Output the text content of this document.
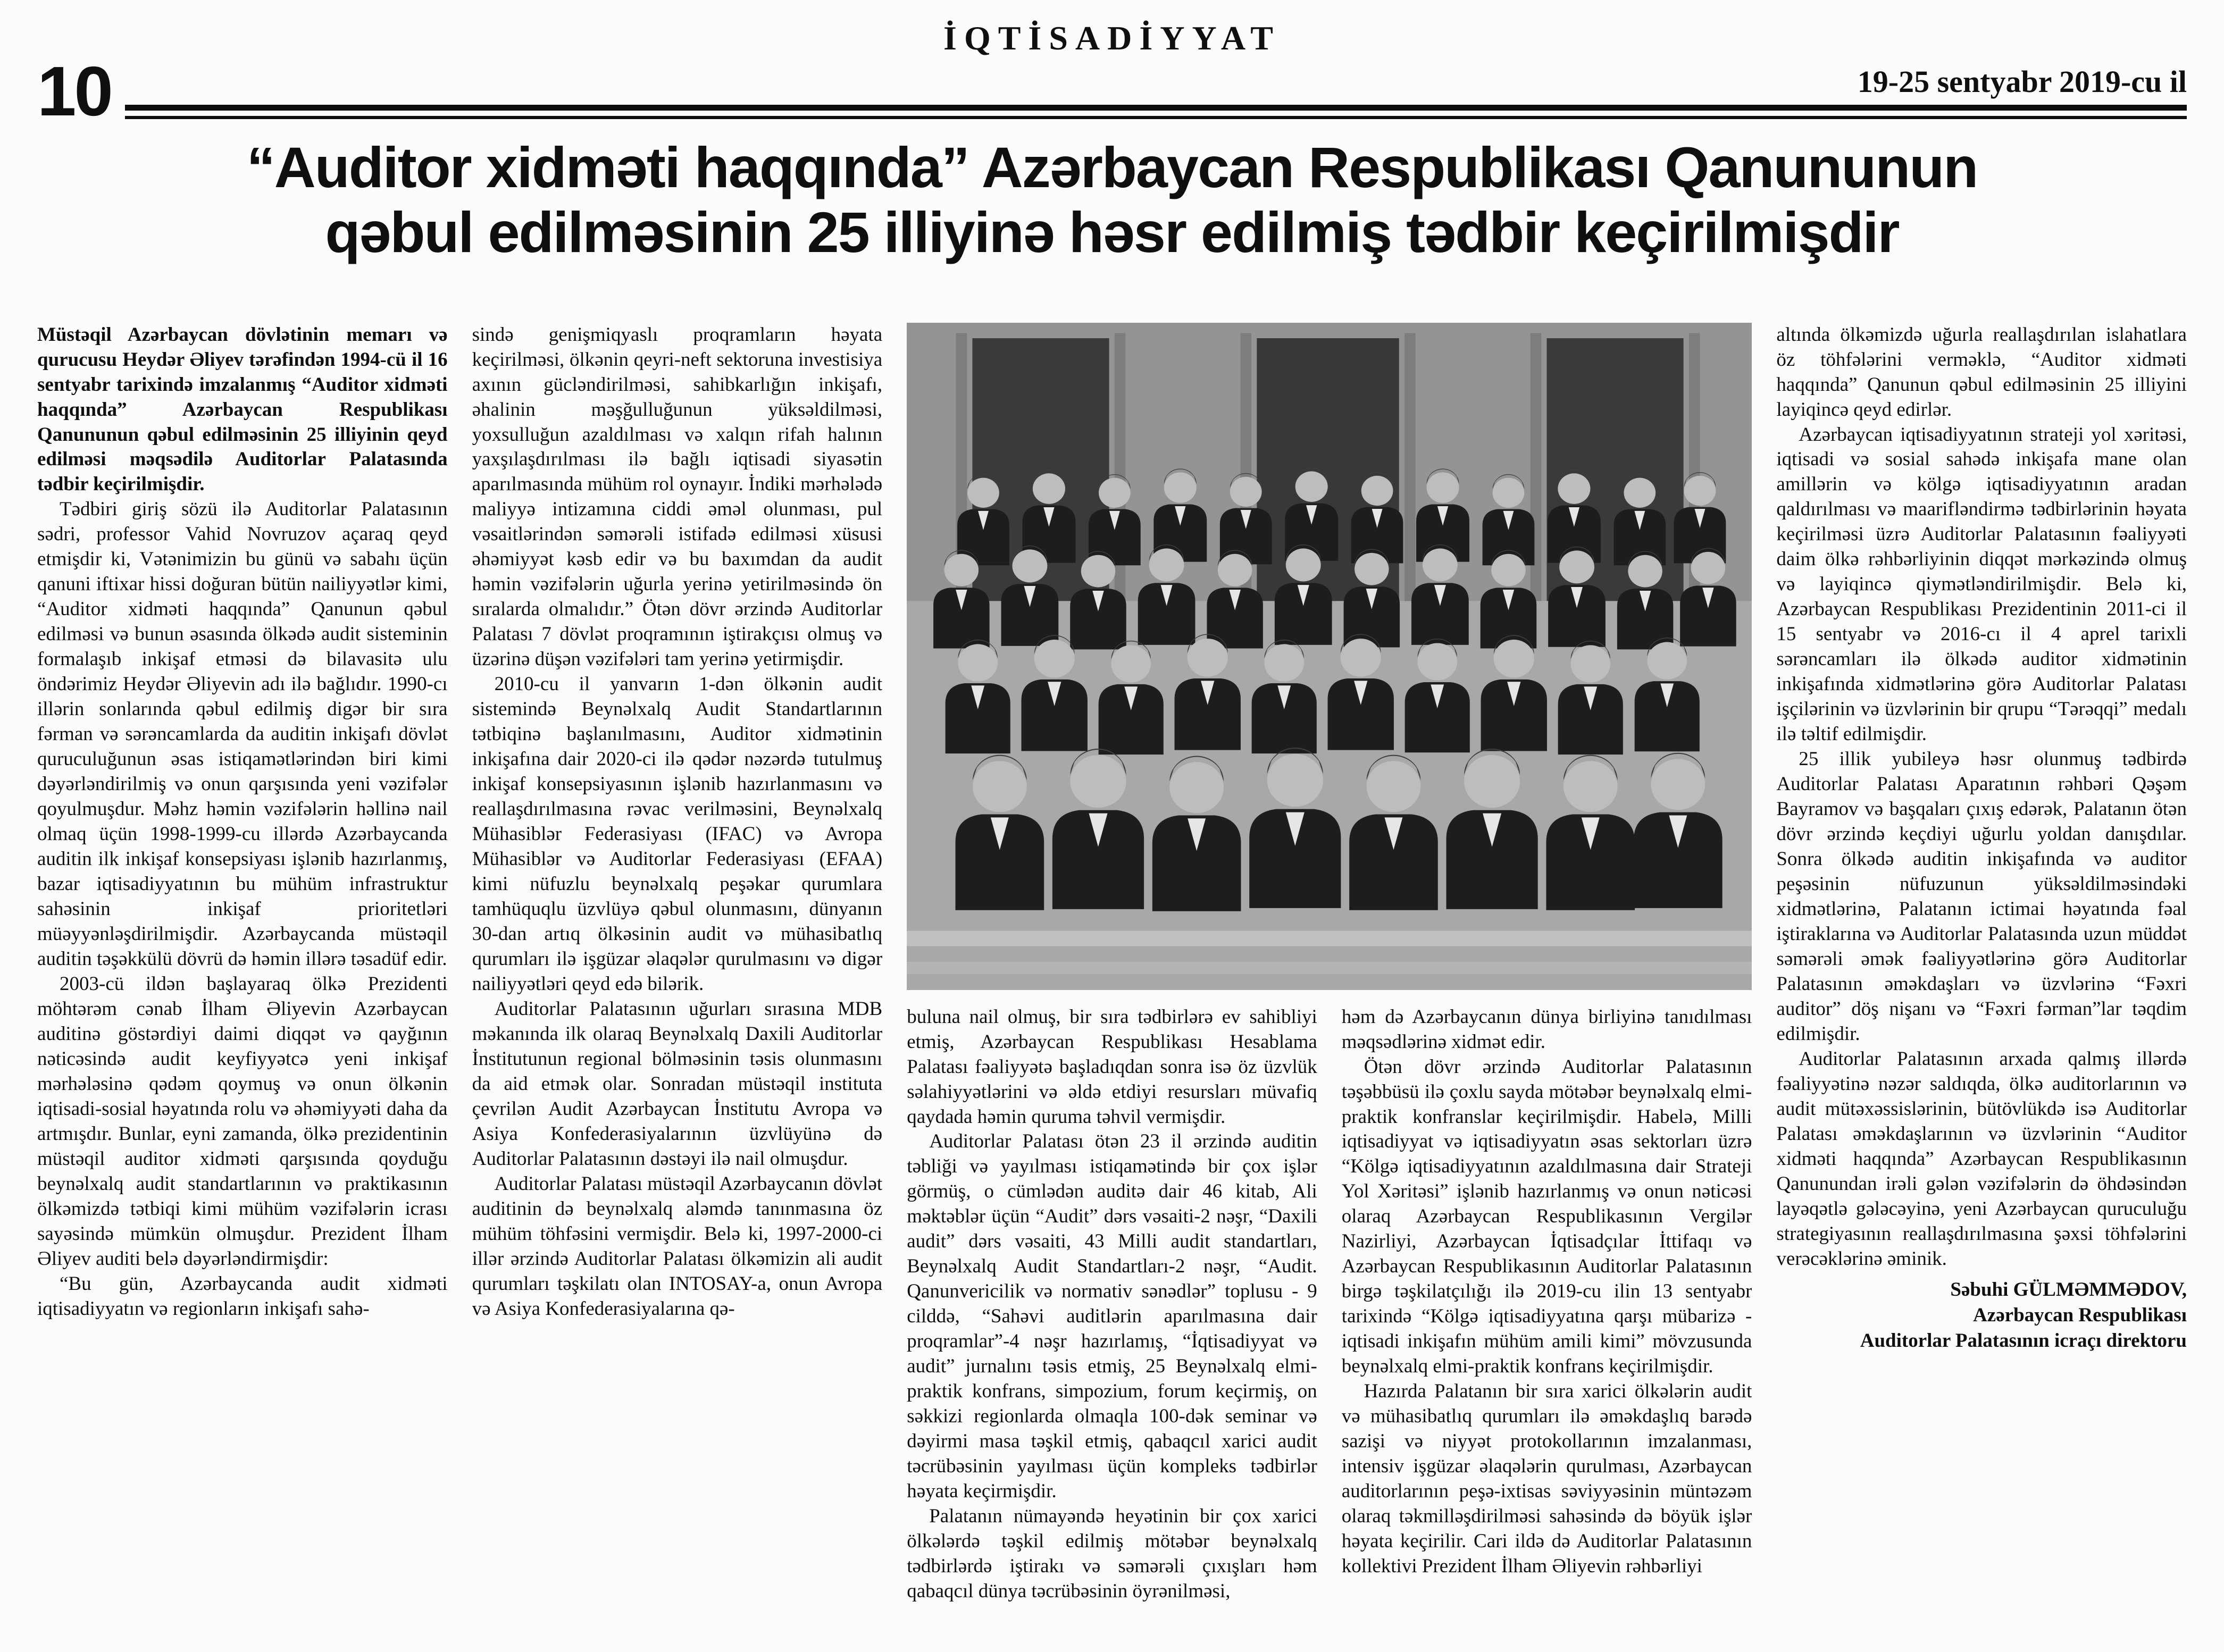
İQTİSADİYYAT
10	19-25 sentyabr 2019-cu il
“Auditor xidməti haqqında” Azərbaycan Respublikası Qanununun
qəbul edilməsinin 25 illiyinə həsr edilmiş tədbir keçirilmişdir

Müstəqil Azərbaycan dövlətinin memarı və qurucusu Heydər Əliyev tərəfindən 1994-cü il 16 sentyabr tarixində imzalanmış “Auditor xidməti haqqında” Azərbaycan Respublikası Qanununun qəbul edilməsinin 25 illiyinin qeyd edilməsi məqsədilə Auditorlar Palatasında tədbir keçirilmişdir.

Tədbiri giriş sözü ilə Auditorlar Palatasının sədri, professor Vahid Novruzov açaraq qeyd etmişdir ki, Vətənimizin bu günü və sabahı üçün qanuni iftixar hissi doğuran bütün nailiyyətlər kimi, “Auditor xidməti haqqında” Qanunun qəbul edilməsi və bunun əsasında ölkədə audit sisteminin formalaşıb inkişaf etməsi də bilavasitə ulu öndərimiz Heydər Əliyevin adı ilə bağlıdır. 1990-cı illərin sonlarında qəbul edilmiş digər bir sıra fərman və sərəncamlarda da auditin inkişafı dövlət quruculuğunun əsas istiqamətlərindən biri kimi dəyərləndirilmiş və onun qarşısında yeni vəzifələr qoyulmuşdur. Məhz həmin vəzifələrin həllinə nail olmaq üçün 1998-1999-cu illərdə Azərbaycanda auditin ilk inkişaf konsepsiyası işlənib hazırlanmış, bazar iqtisadiyyatının bu mühüm infrastruktur sahəsinin inkişaf prioritetləri müəyyənləşdirilmişdir. Azərbaycanda müstəqil auditin təşəkkülü dövrü də həmin illərə təsadüf edir.

2003-cü ildən başlayaraq ölkə Prezidenti möhtərəm cənab İlham Əliyevin Azərbaycan auditinə göstərdiyi daimi diqqət və qayğının nəticəsində audit keyfiyyətcə yeni inkişaf mərhələsinə qədəm qoymuş və onun ölkənin iqtisadi-sosial həyatında rolu və əhəmiyyəti daha da artmışdır. Bunlar, eyni zamanda, ölkə prezidentinin müstəqil auditor xidməti qarşısında qoyduğu beynəlxalq audit standartlarının və praktikasının ölkəmizdə tətbiqi kimi mühüm vəzifələrin icrası sayəsində mümkün olmuşdur. Prezident İlham Əliyev auditi belə dəyərləndirmişdir:

“Bu gün, Azərbaycanda audit xidməti iqtisadiyyatın və regionların inkişafı sahə-

sində genişmiqyaslı proqramların həyata keçirilməsi, ölkənin qeyri-neft sektoruna investisiya axının gücləndirilməsi, sahibkarlığın inkişafı, əhalinin məşğulluğunun yüksəldilməsi, yoxsulluğun azaldılması və xalqın rifah halının yaxşılaşdırılması ilə bağlı iqtisadi siyasətin aparılmasında mühüm rol oynayır. İndiki mərhələdə maliyyə intizamına ciddi əməl olunması, pul vəsaitlərindən səmərəli istifadə edilməsi xüsusi əhəmiyyət kəsb edir və bu baxımdan da audit həmin vəzifələrin uğurla yerinə yetirilməsində ön sıralarda olmalıdır.” Ötən dövr ərzində Auditorlar Palatası 7 dövlət proqramının iştirakçısı olmuş və üzərinə düşən vəzifələri tam yerinə yetirmişdir.

2010-cu il yanvarın 1-dən ölkənin audit sistemində Beynəlxalq Audit Standartlarının tətbiqinə başlanılmasını, Auditor xidmətinin inkişafına dair 2020-ci ilə qədər nəzərdə tutulmuş inkişaf konsepsiyasının işlənib hazırlanmasını və reallaşdırılmasına rəvac verilməsini, Beynəlxalq Mühasiblər Federasiyası (IFAC) və Avropa Mühasiblər və Auditorlar Federasiyası (EFAA) kimi nüfuzlu beynəlxalq peşəkar qurumlara tamhüquqlu üzvlüyə qəbul olunmasını, dünyanın 30-dan artıq ölkəsinin audit və mühasibatlıq qurumları ilə işgüzar əlaqələr qurulmasını və digər nailiyyətləri qeyd edə bilərik.

Auditorlar Palatasının uğurları sırasına MDB məkanında ilk olaraq Beynəlxalq Daxili Auditorlar İnstitutunun regional bölməsinin təsis olunmasını da aid etmək olar. Sonradan müstəqil instituta çevrilən Audit Azərbaycan İnstitutu Avropa və Asiya Konfederasiyalarının üzvlüyünə də Auditorlar Palatasının dəstəyi ilə nail olmuşdur.

Auditorlar Palatası müstəqil Azərbaycanın dövlət auditinin də beynəlxalq aləmdə tanınmasına öz mühüm töhfəsini vermişdir. Belə ki, 1997-2000-ci illər ərzində Auditorlar Palatası ölkəmizin ali audit qurumları təşkilatı olan INTOSAY-a, onun Avropa və Asiya Konfederasiyalarına qə-

buluna nail olmuş, bir sıra tədbirlərə ev sahibliyi etmiş, Azərbaycan Respublikası Hesablama Palatası fəaliyyətə başladıqdan sonra isə öz üzvlük səlahiyyətlərini və əldə etdiyi resursları müvafiq qaydada həmin quruma təhvil vermişdir.

Auditorlar Palatası ötən 23 il ərzində auditin təbliği və yayılması istiqamətində bir çox işlər görmüş, o cümlədən auditə dair 46 kitab, Ali məktəblər üçün “Audit” dərs vəsaiti-2 nəşr, “Daxili audit” dərs vəsaiti, 43 Milli audit standartları, Beynəlxalq Audit Standartları-2 nəşr, “Audit. Qanunvericilik və normativ sənədlər” toplusu - 9 cilddə, “Sahəvi auditlərin aparılmasına dair proqramlar”-4 nəşr hazırlamış, “İqtisadiyyat və audit” jurnalını təsis etmiş, 25 Beynəlxalq elmi-praktik konfrans, simpozium, forum keçirmiş, on səkkizi regionlarda olmaqla 100-dək seminar və dəyirmi masa təşkil etmiş, qabaqcıl xarici audit təcrübəsinin yayılması üçün kompleks tədbirlər həyata keçirmişdir.

Palatanın nümayəndə heyətinin bir çox xarici ölkələrdə təşkil edilmiş mötəbər beynəlxalq tədbirlərdə iştirakı və səmərəli çıxışları həm qabaqcıl dünya təcrübəsinin öyrənilməsi,

həm də Azərbaycanın dünya birliyinə tanıdılması məqsədlərinə xidmət edir.

Ötən dövr ərzində Auditorlar Palatasının təşəbbüsü ilə çoxlu sayda mötəbər beynəlxalq elmi-praktik konfranslar keçirilmişdir. Habelə, Milli iqtisadiyyat və iqtisadiyyatın əsas sektorları üzrə “Kölgə iqtisadiyyatının azaldılmasına dair Strateji Yol Xəritəsi” işlənib hazırlanmış və onun nəticəsi olaraq Azərbaycan Respublikasının Vergilər Nazirliyi, Azərbaycan İqtisadçılar İttifaqı və Azərbaycan Respublikasının Auditorlar Palatasının birgə təşkilatçılığı ilə 2019-cu ilin 13 sentyabr tarixində “Kölgə iqtisadiyyatına qarşı mübarizə - iqtisadi inkişafın mühüm amili kimi” mövzusunda beynəlxalq elmi-praktik konfrans keçirilmişdir.

Hazırda Palatanın bir sıra xarici ölkələrin audit və mühasibatlıq qurumları ilə əməkdaşlıq barədə sazişi və niyyət protokollarının imzalanması, intensiv işgüzar əlaqələrin qurulması, Azərbaycan auditorlarının peşə-ixtisas səviyyəsinin müntəzəm olaraq təkmilləşdirilməsi sahəsində də böyük işlər həyata keçirilir. Cari ildə də Auditorlar Palatasının kollektivi Prezident İlham Əliyevin rəhbərliyi

altında ölkəmizdə uğurla reallaşdırılan islahatlara öz töhfələrini verməklə, “Auditor xidməti haqqında” Qanunun qəbul edilməsinin 25 illiyini layiqincə qeyd edirlər.

Azərbaycan iqtisadiyyatının strateji yol xəritəsi, iqtisadi və sosial sahədə inkişafa mane olan amillərin və kölgə iqtisadiyyatının aradan qaldırılması və maarifləndirmə tədbirlərinin həyata keçirilməsi üzrə Auditorlar Palatasının fəaliyyəti daim ölkə rəhbərliyinin diqqət mərkəzində olmuş və layiqincə qiymətləndirilmişdir. Belə ki, Azərbaycan Respublikası Prezidentinin 2011-ci il 15 sentyabr və 2016-cı il 4 aprel tarixli sərəncamları ilə ölkədə auditor xidmətinin inkişafında xidmətlərinə görə Auditorlar Palatası işçilərinin və üzvlərinin bir qrupu “Tərəqqi” medalı ilə təltif edilmişdir.

25 illik yubileyə həsr olunmuş tədbirdə Auditorlar Palatası Aparatının rəhbəri Qəşəm Bayramov və başqaları çıxış edərək, Palatanın ötən dövr ərzində keçdiyi uğurlu yoldan danışdılar. Sonra ölkədə auditin inkişafında və auditor peşəsinin nüfuzunun yüksəldilməsindəki xidmətlərinə, Palatanın ictimai həyatında fəal iştiraklarına və Auditorlar Palatasında uzun müddət səmərəli əmək fəaliyyətlərinə görə Auditorlar Palatasının əməkdaşları və üzvlərinə “Fəxri auditor” döş nişanı və “Fəxri fərman”lar təqdim edilmişdir.

Auditorlar Palatasının arxada qalmış illərdə fəaliyyətinə nəzər saldıqda, ölkə auditorlarının və audit mütəxəssislərinin, bütövlükdə isə Auditorlar Palatası əməkdaşlarının və üzvlərinin “Auditor xidməti haqqında” Azərbaycan Respublikasının Qanunundan irəli gələn vəzifələrin də öhdəsindən layəqətlə gələcəyinə, yeni Azərbaycan quruculuğu strategiyasının reallaşdırılmasına şəxsi töhfələrini verəcəklərinə əminik.

Səbuhi GÜLMƏMMƏDOV,
Azərbaycan Respublikası
Auditorlar Palatasının icraçı direktoru
